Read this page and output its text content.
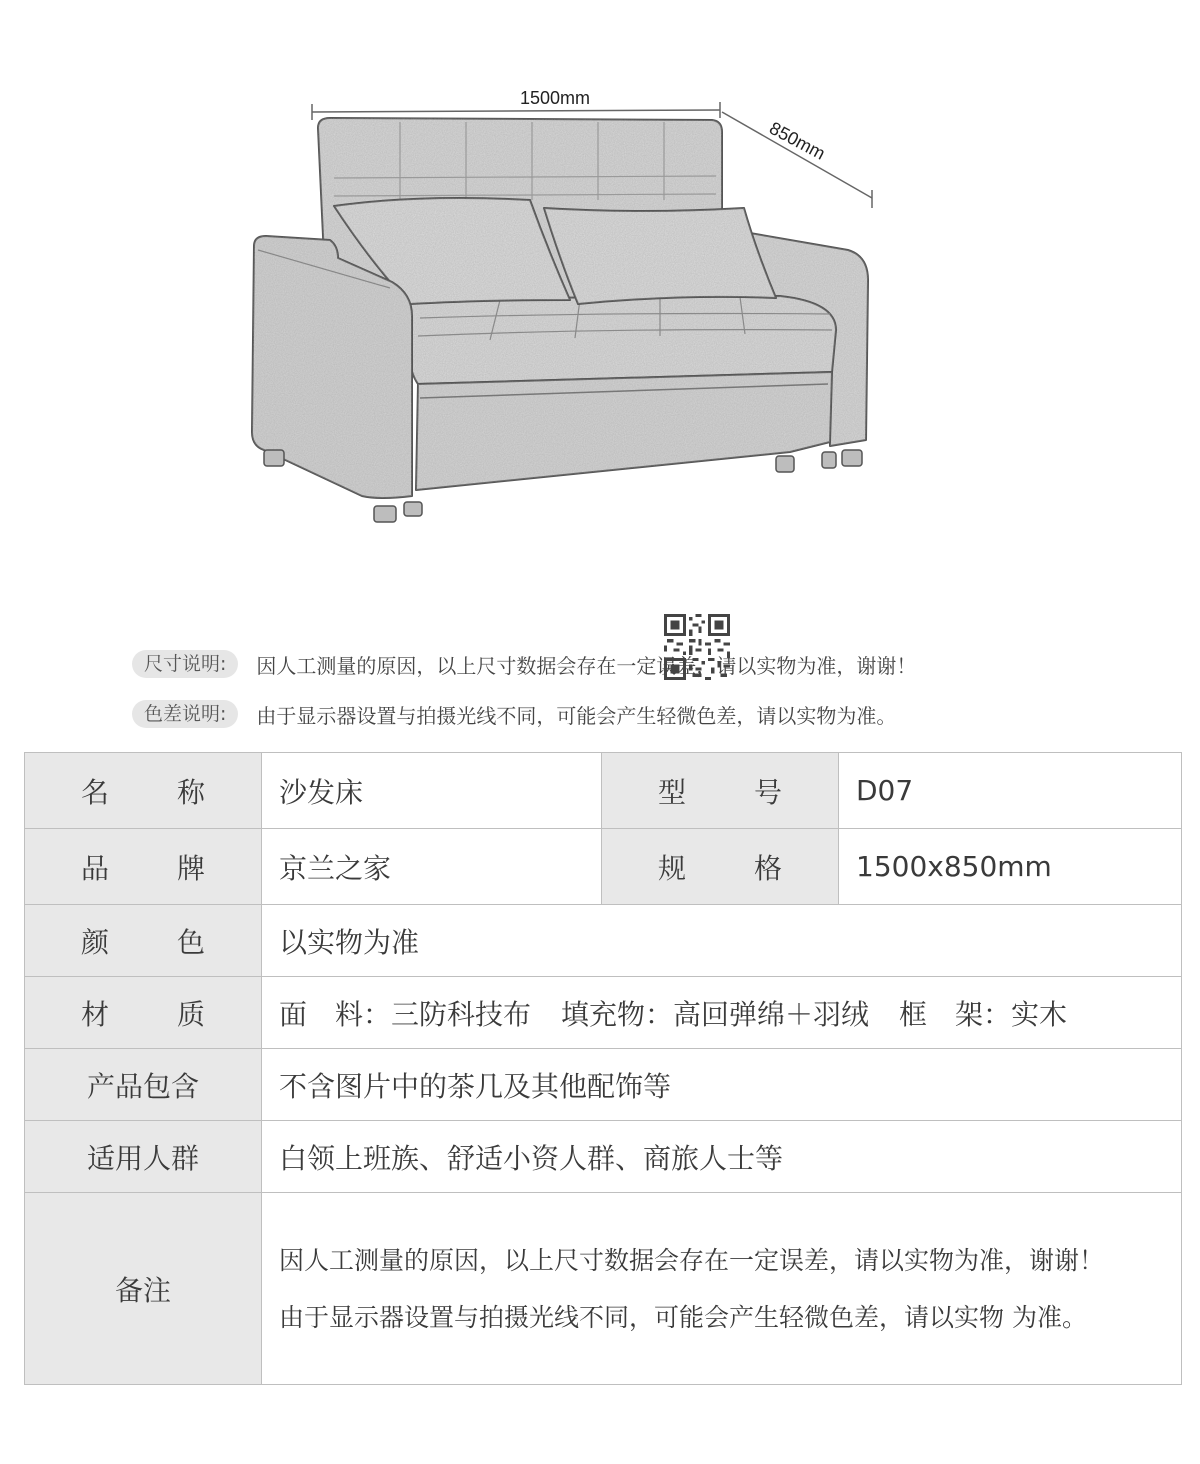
1500mm
850mm
尺寸说明:	因人工测量的原因，以上尺寸数据会存在一定误差，请以实物为准，谢谢！
色差说明:	由于显示器设置与拍摄光线不同，可能会产生轻微色差，请以实物为准。
名 称	沙发床	型 号	D07

品 牌	京兰之家	规 格	1500x850mm

颜 色	以实物为准		

材 质	面　料：三防科技布 填充物：高回弹绵＋羽绒 框　架：实木		
产品包含	不含图片中的茶几及其他配饰等		
适用人群	白领上班族、舒适小资人群、商旅人士等		
备注	因人工测量的原因，以上尺寸数据会存在一定误差，请以实物为准，谢谢！
由于显示器设置与拍摄光线不同，可能会产生轻微色差，请以实物 为准。		
